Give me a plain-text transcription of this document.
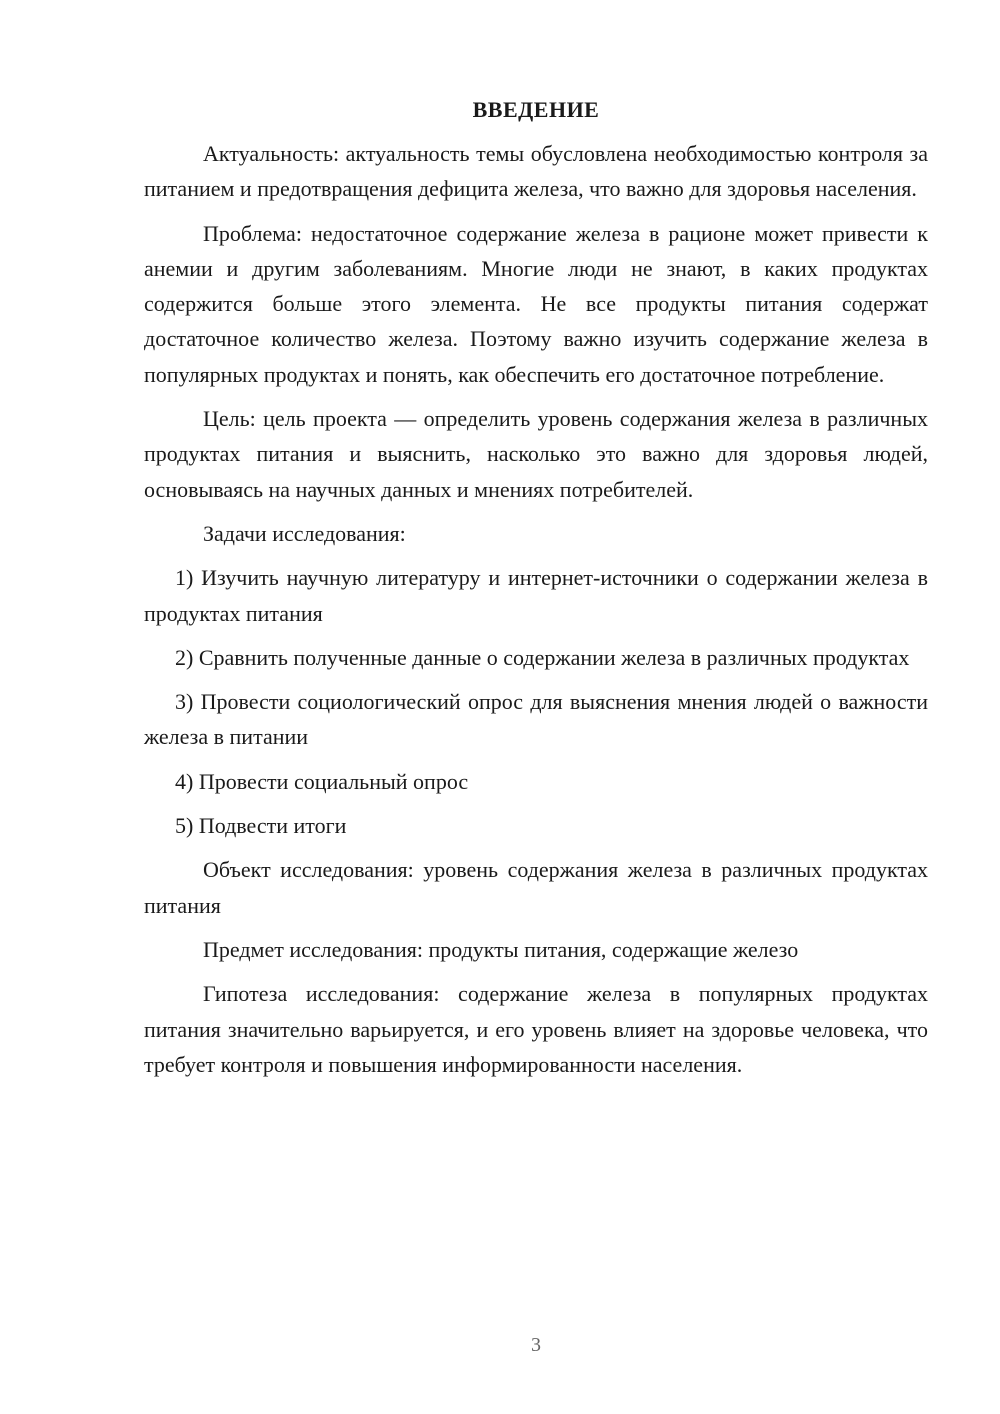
ВВЕДЕНИЕ

Актуальность: актуальность темы обусловлена необходимостью контроля за питанием и предотвращения дефицита железа, что важно для здоровья населения.

Проблема: недостаточное содержание железа в рационе может привести к анемии и другим заболеваниям. Многие люди не знают, в каких продуктах содержится больше этого элемента. Не все продукты питания содержат достаточное количество железа. Поэтому важно изучить содержание железа в популярных продуктах и понять, как обеспечить его достаточное потребление.

Цель: цель проекта — определить уровень содержания железа в различных продуктах питания и выяснить, насколько это важно для здоровья людей, основываясь на научных данных и мнениях потребителей.

Задачи исследования:

1) Изучить научную литературу и интернет-источники о содержании железа в продуктах питания

2) Сравнить полученные данные о содержании железа в различных продуктах

3) Провести социологический опрос для выяснения мнения людей о важности железа в питании

4) Провести социальный опрос

5) Подвести итоги

Объект исследования: уровень содержания железа в различных продуктах питания

Предмет исследования: продукты питания, содержащие железо

Гипотеза исследования: содержание железа в популярных продуктах питания значительно варьируется, и его уровень влияет на здоровье человека, что требует контроля и повышения информированности населения.

3
